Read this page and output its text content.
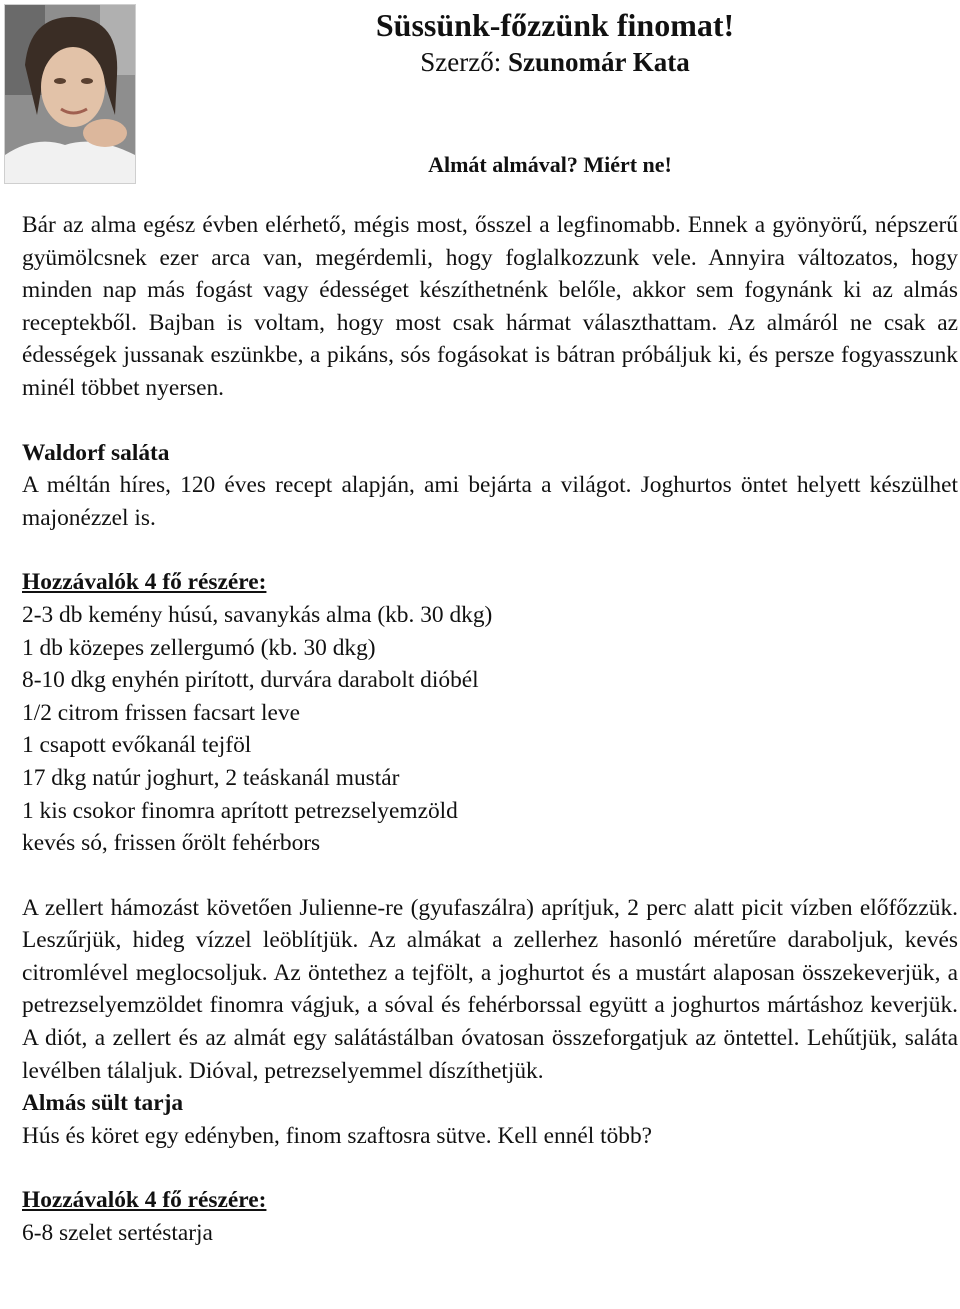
Süssünk-főzzünk finomat!
Szerző: Szunomár Kata
Almát almával? Miért ne!

Bár az alma egész évben elérhető, mégis most, ősszel a legfinomabb. Ennek a gyönyörű, népszerű gyümölcsnek ezer arca van, megérdemli, hogy foglalkozzunk vele. Annyira változatos, hogy minden nap más fogást vagy édességet készíthetnénk belőle, akkor sem fogynánk ki az almás receptekből. Bajban is voltam, hogy most csak hármat választhattam. Az almáról ne csak az édességek jussanak eszünkbe, a pikáns, sós fogásokat is bátran próbáljuk ki, és persze fogyasszunk minél többet nyersen.

Waldorf saláta

A méltán híres, 120 éves recept alapján, ami bejárta a világot. Joghurtos öntet helyett készülhet majonézzel is.

Hozzávalók 4 fő részére:

2-3 db kemény húsú, savanykás alma (kb. 30 dkg)

1 db közepes zellergumó (kb. 30 dkg)

8-10 dkg enyhén pirított, durvára darabolt dióbél

1/2 citrom frissen facsart leve

1 csapott evőkanál tejföl

17 dkg natúr joghurt, 2 teáskanál mustár

1 kis csokor finomra aprított petrezselyemzöld

kevés só, frissen őrölt fehérbors

A zellert hámozást követően Julienne-re (gyufaszálra) aprítjuk, 2 perc alatt picit vízben előfőzzük. Leszűrjük, hideg vízzel leöblítjük. Az almákat a zellerhez hasonló méretűre daraboljuk, kevés citromlével meglocsoljuk. Az öntethez a tejfölt, a joghurtot és a mustárt alaposan összekeverjük, a petrezselyemzöldet finomra vágjuk, a sóval és fehérborssal együtt a joghurtos mártáshoz keverjük. A diót, a zellert és az almát egy salátástálban óvatosan összeforgatjuk az öntettel. Lehűtjük, saláta levélben tálaljuk. Dióval, petrezselyemmel díszíthetjük.

Almás sült tarja

Hús és köret egy edényben, finom szaftosra sütve. Kell ennél több?

Hozzávalók 4 fő részére:

6-8 szelet sertéstarja
